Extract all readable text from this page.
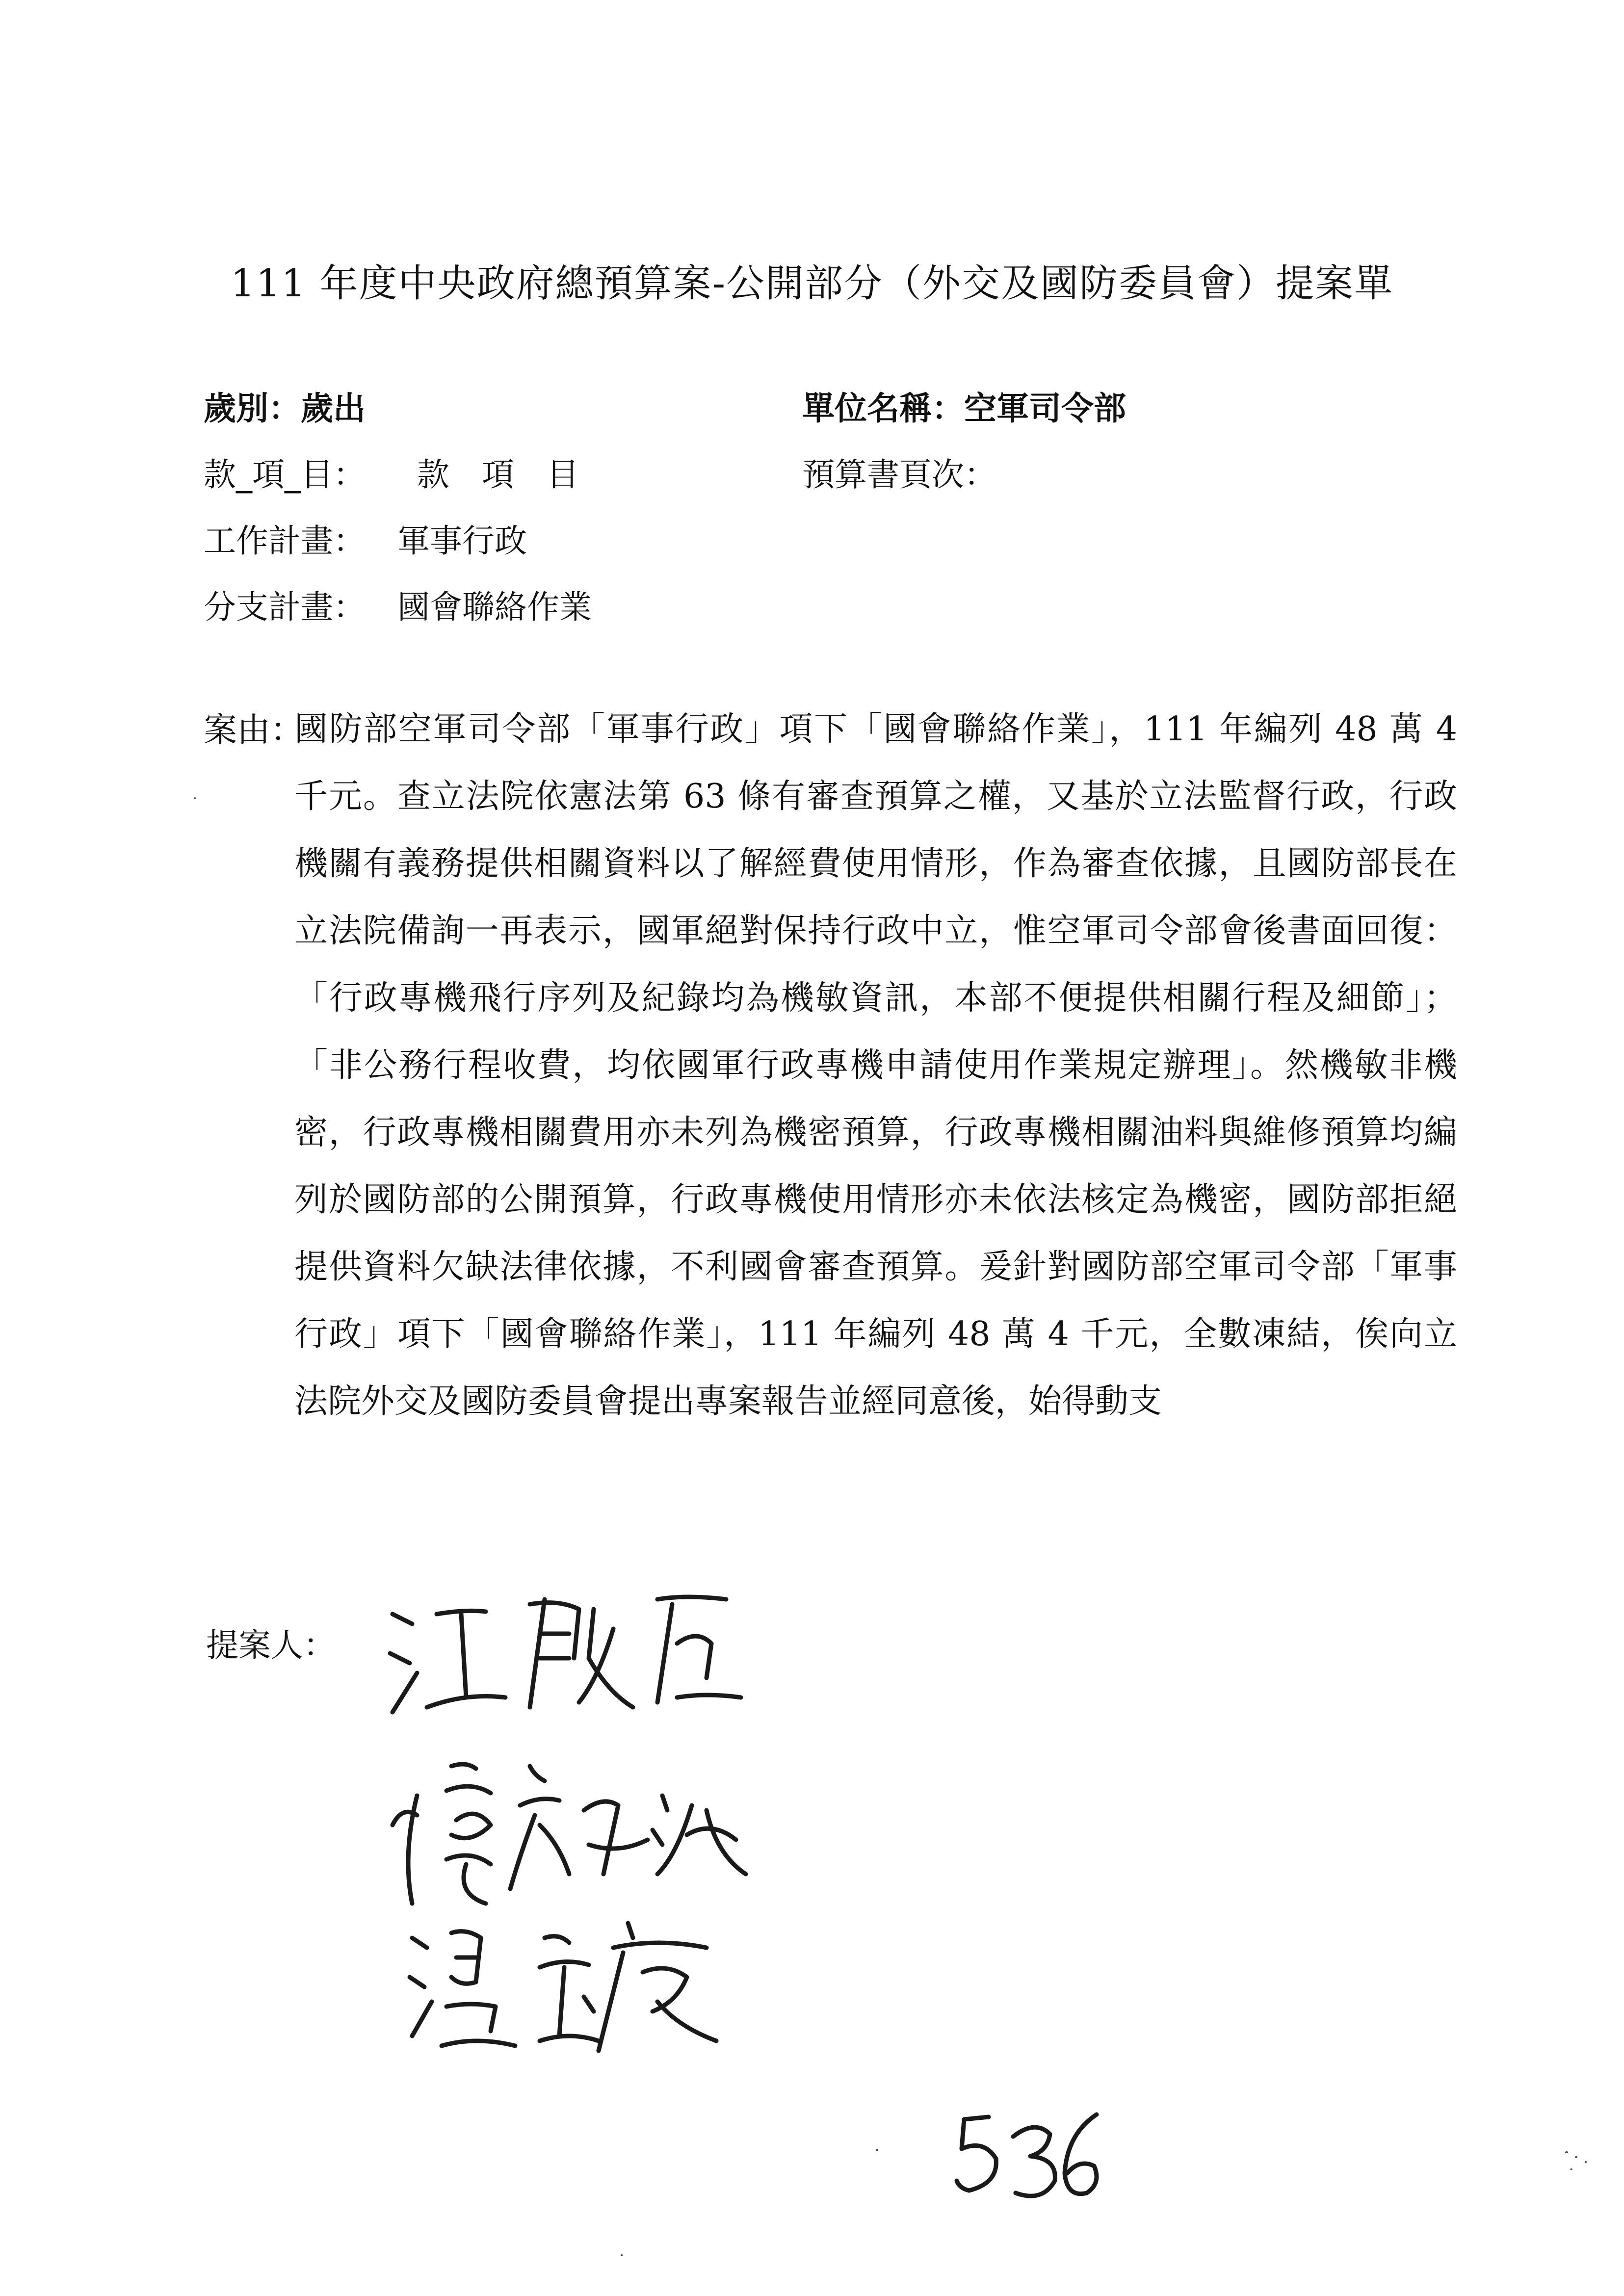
111 年度中央政府總預算案-公開部分（外交及國防委員會）提案單
歲別：歲出	單位名稱：空軍司令部
款_項_目： 款　項　目	預算書頁次：
工作計畫： 軍事行政
分支計畫： 國會聯絡作業
案由：
國防部空軍司令部「軍事行政」項下「國會聯絡作業」，111 年編列 48 萬 4 千元。查立法院依憲法第 63 條有審查預算之權，又基於立法監督行政，行政機關有義務提供相關資料以了解經費使用情形，作為審查依據，且國防部長在立法院備詢一再表示，國軍絕對保持行政中立，惟空軍司令部會後書面回復：「行政專機飛行序列及紀錄均為機敏資訊，本部不便提供相關行程及細節」；「非公務行程收費，均依國軍行政專機申請使用作業規定辦理」。然機敏非機密，行政專機相關費用亦未列為機密預算，行政專機相關油料與維修預算均編列於國防部的公開預算，行政專機使用情形亦未依法核定為機密，國防部拒絕提供資料欠缺法律依據，不利國會審查預算。爰針對國防部空軍司令部「軍事行政」項下「國會聯絡作業」，111 年編列 48 萬 4 千元，全數凍結，俟向立法院外交及國防委員會提出專案報告並經同意後，始得動支
提案人：
